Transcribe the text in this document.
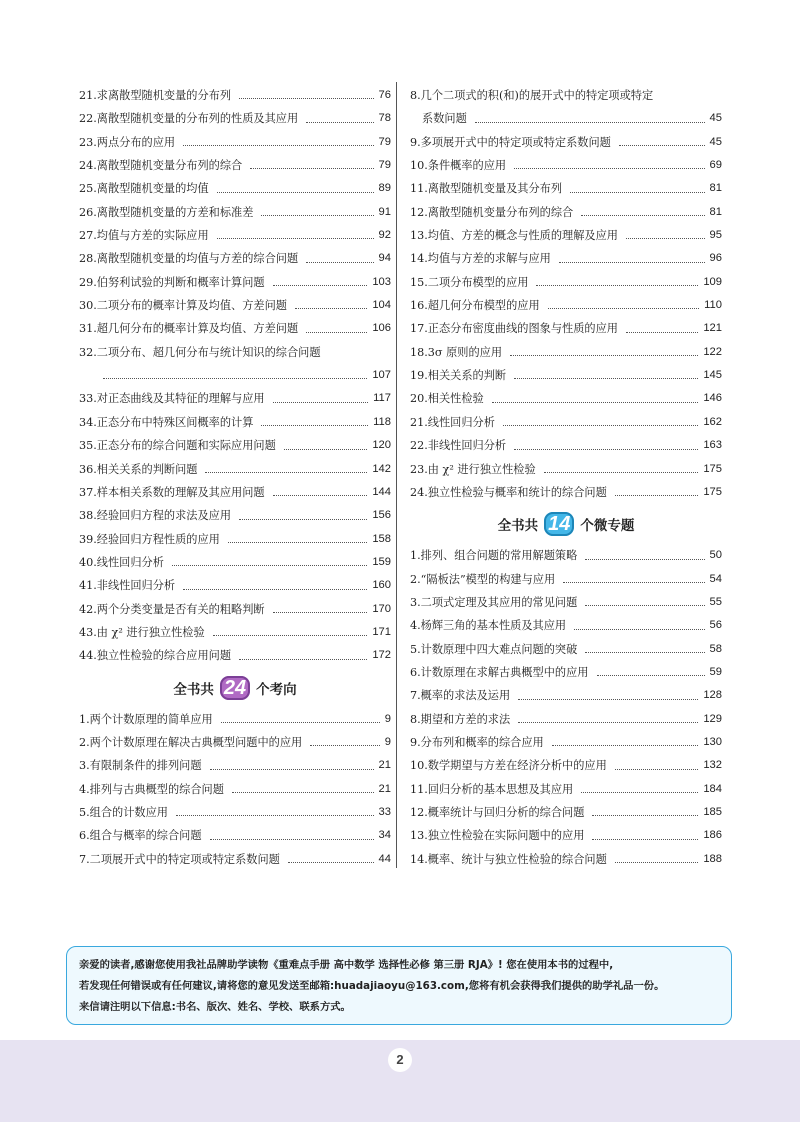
21.求离散型随机变量的分布列	76
22.离散型随机变量的分布列的性质及其应用	78
23.两点分布的应用	79
24.离散型随机变量分布列的综合	79
25.离散型随机变量的均值	89
26.离散型随机变量的方差和标准差	91
27.均值与方差的实际应用	92
28.离散型随机变量的均值与方差的综合问题	94
29.伯努利试验的判断和概率计算问题	103
30.二项分布的概率计算及均值、方差问题	104
31.超几何分布的概率计算及均值、方差问题	106
32.二项分布、超几何分布与统计知识的综合问题
107
33.对正态曲线及其特征的理解与应用	117
34.正态分布中特殊区间概率的计算	118
35.正态分布的综合问题和实际应用问题	120
36.相关关系的判断问题	142
37.样本相关系数的理解及其应用问题	144
38.经验回归方程的求法及应用	156
39.经验回归方程性质的应用	158
40.线性回归分析	159
41.非线性回归分析	160
42.两个分类变量是否有关的粗略判断	170
43.由 χ² 进行独立性检验	171
44.独立性检验的综合应用问题	172
全书共 24 个考向
1.两个计数原理的简单应用	9
2.两个计数原理在解决古典概型问题中的应用	9
3.有限制条件的排列问题	21
4.排列与古典概型的综合问题	21
5.组合的计数应用	33
6.组合与概率的综合问题	34
7.二项展开式中的特定项或特定系数问题	44
8.几个二项式的积(和)的展开式中的特定项或特定
系数问题	45
9.多项展开式中的特定项或特定系数问题	45
10.条件概率的应用	69
11.离散型随机变量及其分布列	81
12.离散型随机变量分布列的综合	81
13.均值、方差的概念与性质的理解及应用	95
14.均值与方差的求解与应用	96
15.二项分布模型的应用	109
16.超几何分布模型的应用	110
17.正态分布密度曲线的图象与性质的应用	121
18.3σ 原则的应用	122
19.相关关系的判断	145
20.相关性检验	146
21.线性回归分析	162
22.非线性回归分析	163
23.由 χ² 进行独立性检验	175
24.独立性检验与概率和统计的综合问题	175
全书共 14 个微专题
1.排列、组合问题的常用解题策略	50
2.“隔板法”模型的构建与应用	54
3.二项式定理及其应用的常见问题	55
4.杨辉三角的基本性质及其应用	56
5.计数原理中四大难点问题的突破	58
6.计数原理在求解古典概型中的应用	59
7.概率的求法及运用	128
8.期望和方差的求法	129
9.分布列和概率的综合应用	130
10.数学期望与方差在经济分析中的应用	132
11.回归分析的基本思想及其应用	184
12.概率统计与回归分析的综合问题	185
13.独立性检验在实际问题中的应用	186
14.概率、统计与独立性检验的综合问题	188
亲爱的读者,感谢您使用我社品牌助学读物《重难点手册 高中数学 选择性必修 第三册 RJA》! 您在使用本书的过程中,
若发现任何错误或有任何建议,请将您的意见发送至邮箱:huadajiaoyu@163.com,您将有机会获得我们提供的助学礼品一份。
来信请注明以下信息:书名、版次、姓名、学校、联系方式。
2
